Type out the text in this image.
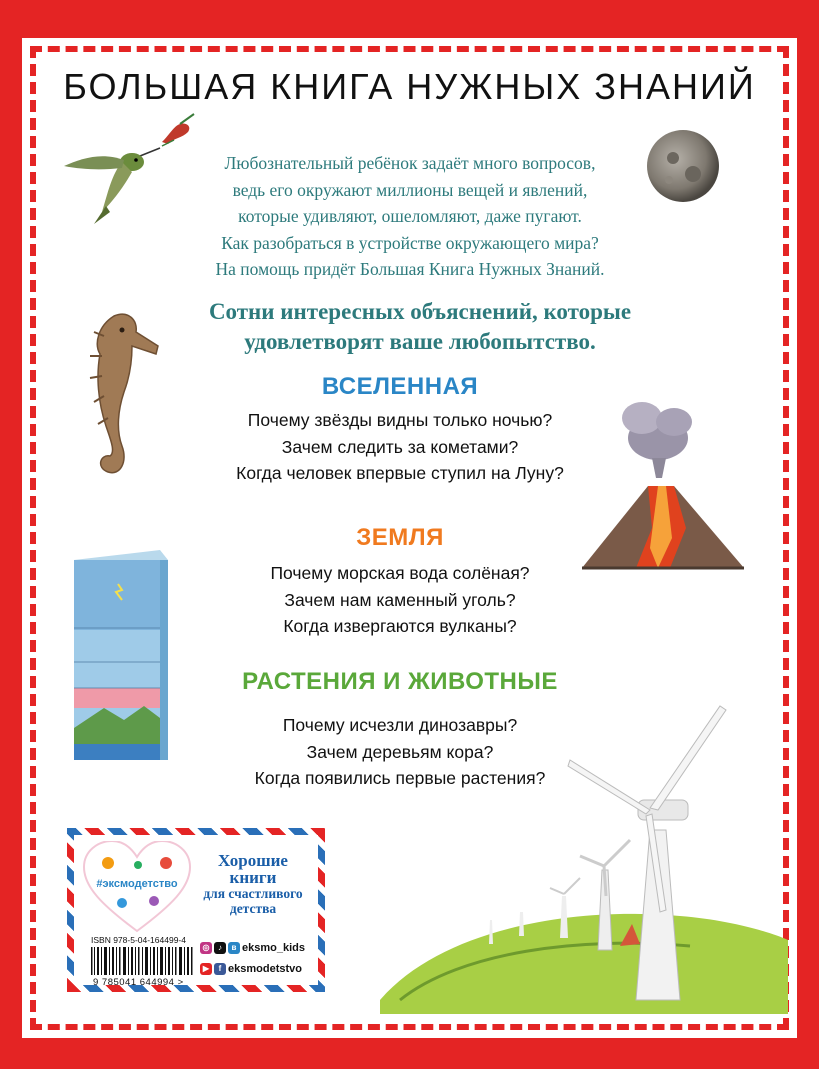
БОЛЬШАЯ КНИГА НУЖНЫХ ЗНАНИЙ
Любознательный ребёнок задаёт много вопросов,
ведь его окружают миллионы вещей и явлений,
которые удивляют, ошеломляют, даже пугают.
Как разобраться в устройстве окружающего мира?
На помощь придёт Большая Книга Нужных Знаний.
Сотни интересных объяснений, которые
удовлетворят ваше любопытство.
ВСЕЛЕННАЯ
Почему звёзды видны только ночью?
Зачем следить за кометами?
Когда человек впервые ступил на Луну?
ЗЕМЛЯ
Почему морская вода солёная?
Зачем нам каменный уголь?
Когда извергаются вулканы?
РАСТЕНИЯ И ЖИВОТНЫЕ
Почему исчезли динозавры?
Зачем деревьям кора?
Когда появились первые растения?
#эксмодетство
Хорошие
книги
для счастливого
детства
ISBN 978-5-04-164499-4
9 785041 644994 >
◎	♪	в eksmo_kids
▶	f eksmodetstvo
